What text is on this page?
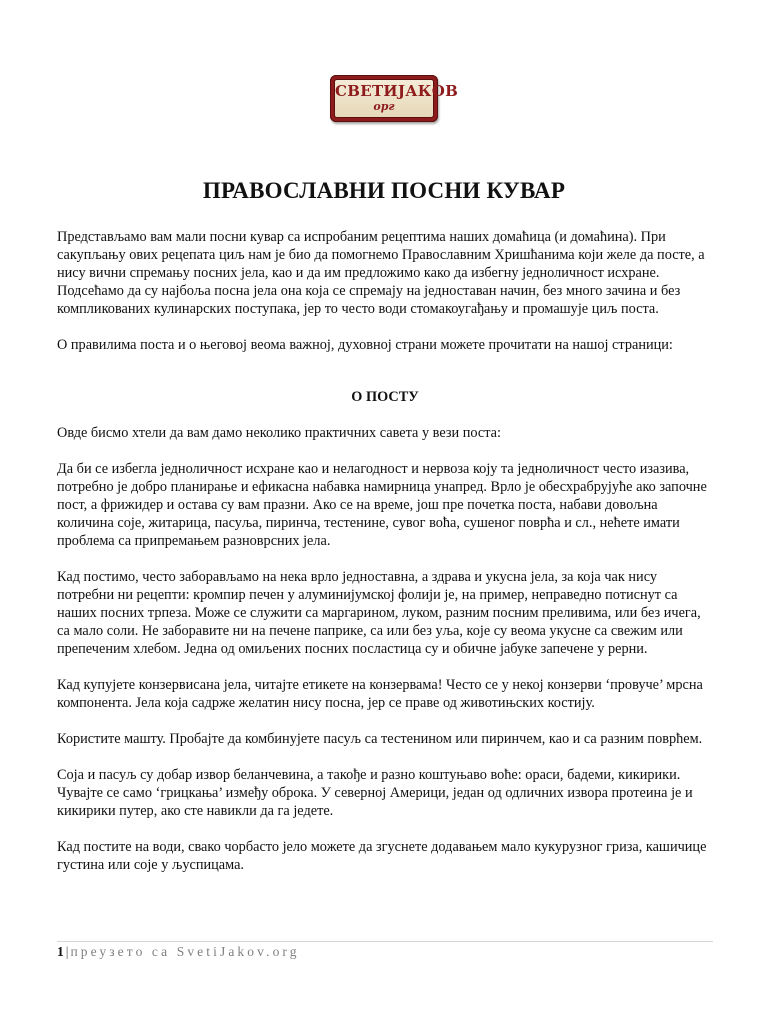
СВЕТИЈАКОВ
орг
ПРАВОСЛАВНИ ПОСНИ КУВАР

Представљамо вам мали посни кувар са испробаним рецептима наших домаћица (и домаћина). При сакупљању ових рецепата циљ нам је био да помогнемо Православним Хришћанима који желе да посте, а нису вични спремању посних јела, као и да им предложимо како да избегну једноличност исхране. Подсећамо да су најбоља посна јела она која се спремају на једноставан начин, без много зачина и без компликованих кулинарских поступака, јер то често води стомакоугађању и промашује циљ поста.

О правилима поста и о његовој веома важној, духовној страни можете прочитати на нашој страници:

О ПОСТУ

Овде бисмо хтели да вам дамо неколико практичних савета у вези поста:

Да би се избегла једноличност исхране као и нелагодност и нервоза коју та једноличност често изазива, потребно је добро планирање и ефикасна набавка намирница унапред. Врло је обесхрабрујуће ако започне пост, а фрижидер и остава су вам празни. Ако се на време, још пре почетка поста, набави довољна количина соје, житарица, пасуља, пиринча, тестенине, сувог воћа, сушеног поврћа и сл., нећете имати проблема са припремањем разноврсних јела.

Кад постимо, често заборављамо на нека врло једноставна, а здрава и укусна јела, за која чак нису потребни ни рецепти: кромпир печен у алуминијумској фолији је, на пример, неправедно потиснут са наших посних трпеза. Може се служити са маргарином, луком, разним посним преливима, или без ичега, са мало соли. Не заборавите ни на печене паприке, са или без уља, које су веома укусне са свежим или препеченим хлебом. Једна од омиљених посних посластица су и обичне јабуке запечене у рерни.

Кад купујете конзервисана јела, читајте етикете на конзервама! Често се у некој конзерви ‘провуче’ мрсна компонента. Јела која садрже желатин нису посна, јер се праве од животињских костију.

Користите машту. Пробајте да комбинујете пасуљ са тестенином или пиринчем, као и са разним поврћем.

Соја и пасуљ су добар извор беланчевина, а такође и разно коштуњаво воће: ораси, бадеми, кикирики. Чувајте се само ‘грицкања’ између оброка. У северној Америци, један од одличних извора протеина је и кикирики путер, ако сте навикли да га једете.

Кад постите на води, свако чорбасто јело можете да згуснете додавањем мало кукурузног гриза, кашичице густина или соје у љуспицама.

1 | преузето са SvetiJakov.org
